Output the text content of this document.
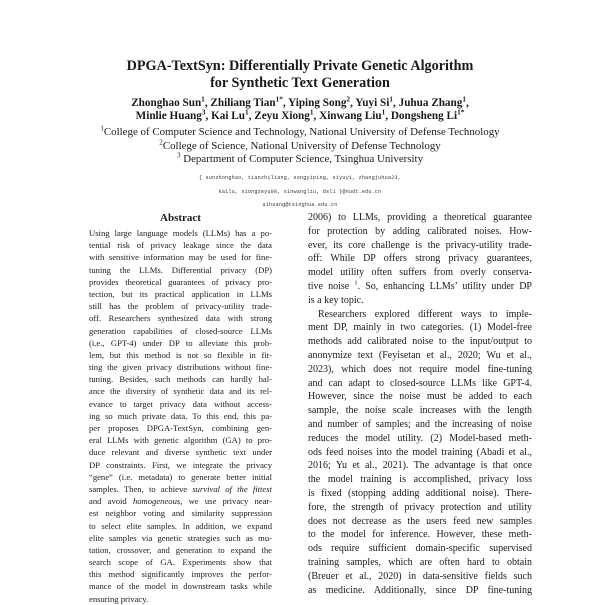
DPGA-TextSyn: Differentially Private Genetic Algorithm
for Synthetic Text Generation
Zhonghao Sun$^1$, Zhiliang Tian$^{1*}$, Yiping Song$^2$, Yuyi Si$^1$, Juhua Zhang$^1$,
Minlie Huang$^3$, Kai Lu$^1$, Zeyu Xiong$^1$, Xinwang Liu$^1$, Dongsheng $Li^{1*}$
$^1$College of Computer Science and Technology, National University of Defense Technology
$^2$College of Science, National University of Defense Technology
$^3$ Department of Computer Science, Tsinghua University
{ sunzhonghao, tianzhiliang, songyiping, siyuyi, zhangjuhua23,
kailu, xiongzeyu08, xinwangliu, dsli }@nudt.edu.cn
aihuang@tsinghua.edu.cn
Abstract
Using large language models (LLMs) has a po-
tential risk of privacy leakage since the data
with sensitive information may be used for fine-
tuning the LLMs. Differential privacy (DP)
provides theoretical guarantees of privacy pro-
tection, but its practical application in LLMs
still has the problem of privacy-utility trade-
off. Researchers synthesized data with strong
generation capabilities of closed-source LLMs
(i.e., GPT-4) under DP to alleviate this prob-
lem, but this method is not so flexible in fit-
ting the given privacy distributions without fine-
tuning. Besides, such methods can hardly bal-
ance the diversity of synthetic data and its rel-
evance to target privacy data without access-
ing so much private data. To this end, this pa-
per proposes DPGA-TextSyn, combining gen-
eral LLMs with genetic algorithm (GA) to pro-
duce relevant and diverse synthetic text under
DP constraints. First, we integrate the privacy
“gene” (i.e. metadata) to generate better initial
samples. Then, to achieve survival of the fittest
and avoid homogeneous, we use privacy near-
est neighbor voting and similarity suppression
to select elite samples. In addition, we expand
elite samples via genetic strategies such as mu-
tation, crossover, and generation to expand the
search scope of GA. Experiments show that
this method significantly improves the perfor-
mance of the model in downstream tasks while
ensuring privacy.
2006) to LLMs, providing a theoretical guarantee
for protection by adding calibrated noises. How-
ever, its core challenge is the privacy-utility trade-
off: While DP offers strong privacy guarantees,
model utility often suffers from overly conserva-
tive noise $^1$. So, enhancing LLMs’ utility under DP
is a key topic.
Researchers explored different ways to imple-
ment DP, mainly in two categories. (1) Model-free
methods add calibrated noise to the input/output to
anonymize text (Feyisetan et al., 2020; Wu et al.,
2023), which does not require model fine-tuning
and can adapt to closed-source LLMs like GPT-4.
However, since the noise must be added to each
sample, the noise scale increases with the length
and number of samples; and the increasing of noise
reduces the model utility. (2) Model-based meth-
ods feed noises into the model training (Abadi et al.,
2016; Yu et al., 2021). The advantage is that once
the model training is accomplished, privacy loss
is fixed (stopping adding additional noise). There-
fore, the strength of privacy protection and utility
does not decrease as the users feed new samples
to the model for inference. However, these meth-
ods require sufficient domain-specific supervised
training samples, which are often hard to obtain
(Breuer et al., 2020) in data-sensitive fields such
as medicine. Additionally, since DP fine-tuning
